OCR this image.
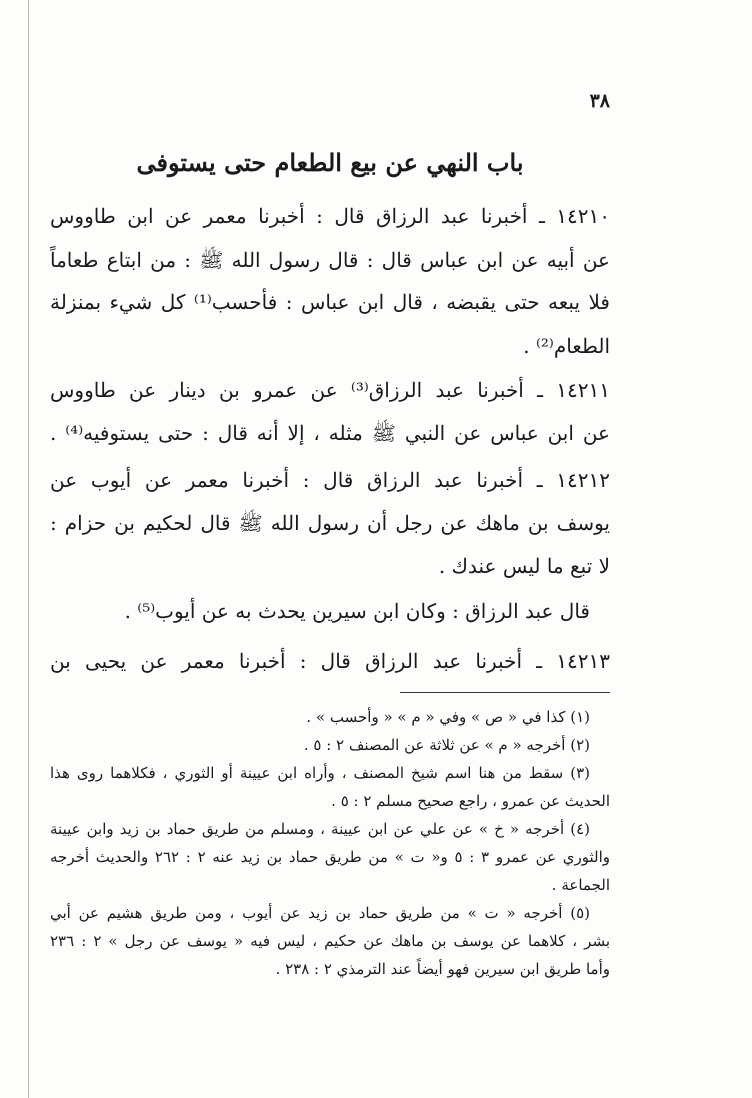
٣٨
باب النهي عن بيع الطعام حتى يستوفى
١٤٢١٠ ـ أخبرنا عبد الرزاق قال : أخبرنا معمر عن ابن طاووس
عن أبيه عن ابن عباس قال : قال رسول الله ﷺ : من ابتاع طعاماً
فلا يبعه حتى يقبضه ، قال ابن عباس : فأحسب⁽¹⁾ كل شيء بمنزلة
الطعام⁽²⁾ .
١٤٢١١ ـ أخبرنا عبد الرزاق⁽³⁾ عن عمرو بن دينار عن طاووس
عن ابن عباس عن النبي ﷺ مثله ، إلا أنه قال : حتى يستوفيه⁽⁴⁾ .
١٤٢١٢ ـ أخبرنا عبد الرزاق قال : أخبرنا معمر عن أيوب عن
يوسف بن ماهك عن رجل أن رسول الله ﷺ قال لحكيم بن حزام :
لا تبع ما ليس عندك .
قال عبد الرزاق : وكان ابن سيرين يحدث به عن أيوب⁽⁵⁾ .
١٤٢١٣ ـ أخبرنا عبد الرزاق قال : أخبرنا معمر عن يحيى بن
(١) كذا في « ص » وفي « م » « وأحسب » .
(٢) أخرجه « م » عن ثلاثة عن المصنف ٢ : ٥ .
(٣) سقط من هنا اسم شيخ المصنف ، وأراه ابن عيينة أو الثوري ، فكلاهما روى هذا
الحديث عن عمرو ، راجع صحيح مسلم ٢ : ٥ .
(٤) أخرجه « خ » عن علي عن ابن عيينة ، ومسلم من طريق حماد بن زيد وابن عيينة
والثوري عن عمرو ٣ : ٥ و« ت » من طريق حماد بن زيد عنه ٢ : ٢٦٢ والحديث أخرجه
الجماعة .
(٥) أخرجه « ت » من طريق حماد بن زيد عن أيوب ، ومن طريق هشيم عن أبي
بشر ، كلاهما عن يوسف بن ماهك عن حكيم ، ليس فيه « يوسف عن رجل » ٢ : ٢٣٦
وأما طريق ابن سيرين فهو أيضاً عند الترمذي ٢ : ٢٣٨ .
